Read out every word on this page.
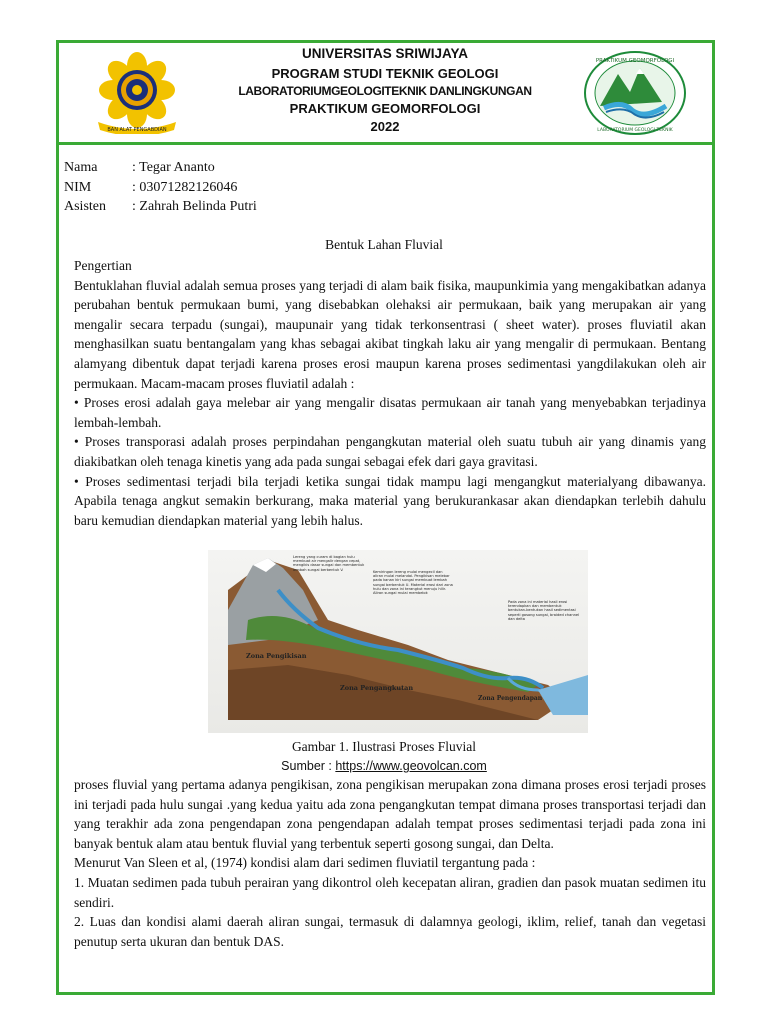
BAN ALAT PENGABDIAN
PRAKTIKUM GEOMORFOLOGI
LABORATORIUM GEOLOGI TEKNIK
UNIVERSITAS SRIWIJAYA
PROGRAM STUDI TEKNIK GEOLOGI
LABORATORIUMGEOLOGITEKNIK DANLINGKUNGAN
PRAKTIKUM GEOMORFOLOGI
2022
Nama	: Tegar Ananto
NIM	: 03071282126046
Asisten	: Zahrah Belinda Putri
Bentuk Lahan Fluvial

Pengertian

Bentuklahan fluvial adalah semua proses yang terjadi di alam baik fisika, maupunkimia yang mengakibatkan adanya perubahan bentuk permukaan bumi, yang disebabkan olehaksi air permukaan, baik yang merupakan air yang mengalir secara terpadu (sungai), maupunair yang tidak terkonsentrasi ( sheet water). proses fluviatil akan menghasilkan suatu bentangalam yang khas sebagai akibat tingkah laku air yang mengalir di permukaan. Bentang alamyang dibentuk dapat terjadi karena proses erosi maupun karena proses sedimentasi yangdilakukan oleh air permukaan. Macam-macam proses fluviatil adalah :

• Proses erosi adalah gaya melebar air yang mengalir disatas permukaan air tanah yang menyebabkan terjadinya lembah-lembah.

• Proses transporasi adalah proses perpindahan pengangkutan material oleh suatu tubuh air yang dinamis yang diakibatkan oleh tenaga kinetis yang ada pada sungai sebagai efek dari gaya gravitasi.

• Proses sedimentasi terjadi bila terjadi ketika sungai tidak mampu lagi mengangkut materialyang dibawanya. Apabila tenaga angkut semakin berkurang, maka material yang berukurankasar akan diendapkan terlebih dahulu baru kemudian diendapkan material yang lebih halus.

Zona Pengikisan
Zona Pengangkutan
Zona Pengendapan
Lereng yang curam di bagian hulu membuat air mengalir dengan cepat, mengikis dasar sungai dan membentuk lembah sungai berbentuk V.
Kemiringan lereng mulai mengecil dan aliran mulai melandai. Pengikisan melebar pada kanan kiri sungai membuat lembah sungai berbentuk U. Material erosi dari zona hulu dan zona ini terangkut menuju hilir. Aliran sungai mulai membelok
Pada zona ini material hasil erosi terendapkan dan membentuk bentukan-bentukan hasil sedimentasi seperti gosong sungai, braided channel dan delta
Gambar 1. Ilustrasi Proses Fluvial
Sumber : https://www.geovolcan.com

proses fluvial yang pertama adanya pengikisan, zona pengikisan merupakan zona dimana proses erosi terjadi proses ini terjadi pada hulu sungai .yang kedua yaitu ada zona pengangkutan tempat dimana proses transportasi terjadi dan yang terakhir ada zona pengendapan zona pengendapan adalah tempat proses sedimentasi terjadi pada zona ini banyak bentuk alam atau bentuk fluvial yang terbentuk seperti gosong sungai, dan Delta.

Menurut Van Sleen et al, (1974) kondisi alam dari sedimen fluviatil tergantung pada :

1. Muatan sedimen pada tubuh perairan yang dikontrol oleh kecepatan aliran, gradien dan pasok muatan sedimen itu sendiri.

2. Luas dan kondisi alami daerah aliran sungai, termasuk di dalamnya geologi, iklim, relief, tanah dan vegetasi penutup serta ukuran dan bentuk DAS.
